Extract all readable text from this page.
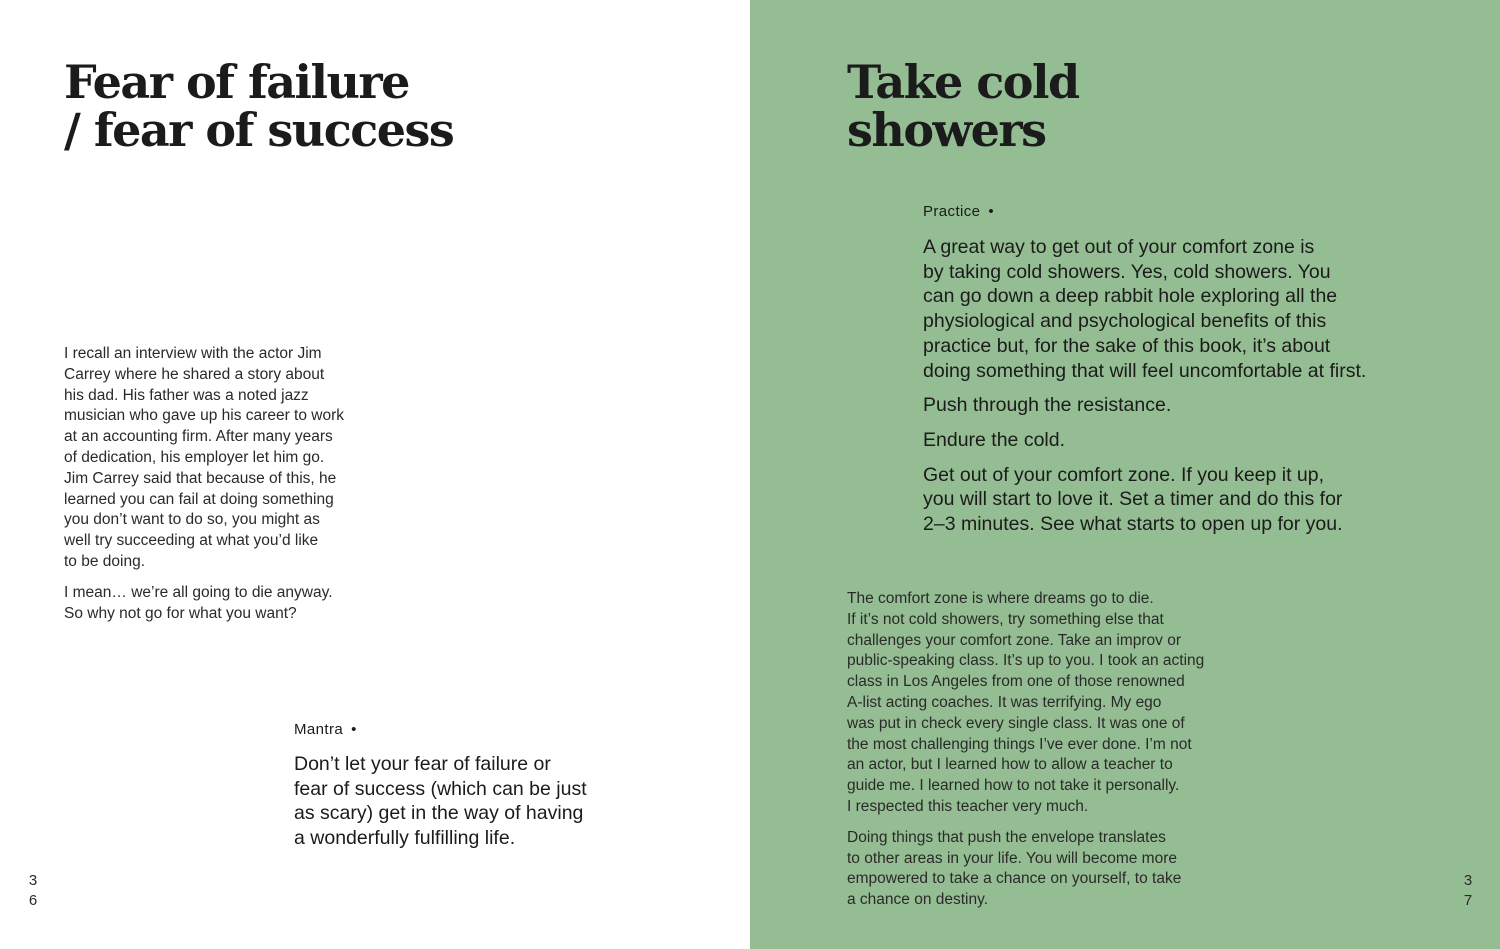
Fear of failure
/ fear of success

I recall an interview with the actor Jim
Carrey where he shared a story about
his dad. His father was a noted jazz
musician who gave up his career to work
at an accounting firm. After many years
of dedication, his employer let him go.
Jim Carrey said that because of this, he
learned you can fail at doing something
you don’t want to do so, you might as
well try succeeding at what you’d like
to be doing.

I mean… we’re all going to die anyway.
So why not go for what you want?

Mantra •
Don’t let your fear of failure or
fear of success (which can be just
as scary) get in the way of having
a wonderfully fulfilling life.
3
6
Take cold
showers
Practice •

A great way to get out of your comfort zone is
by taking cold showers. Yes, cold showers. You
can go down a deep rabbit hole exploring all the
physiological and psychological benefits of this
practice but, for the sake of this book, it’s about
doing something that will feel uncomfortable at first.

Push through the resistance.

Endure the cold.

Get out of your comfort zone. If you keep it up,
you will start to love it. Set a timer and do this for
2–3 minutes. See what starts to open up for you.

The comfort zone is where dreams go to die.
If it’s not cold showers, try something else that
challenges your comfort zone. Take an improv or
public-speaking class. It’s up to you. I took an acting
class in Los Angeles from one of those renowned
A-list acting coaches. It was terrifying. My ego
was put in check every single class. It was one of
the most challenging things I’ve ever done. I’m not
an actor, but I learned how to allow a teacher to
guide me. I learned how to not take it personally.
I respected this teacher very much.

Doing things that push the envelope translates
to other areas in your life. You will become more
empowered to take a chance on yourself, to take
a chance on destiny.

3
7
